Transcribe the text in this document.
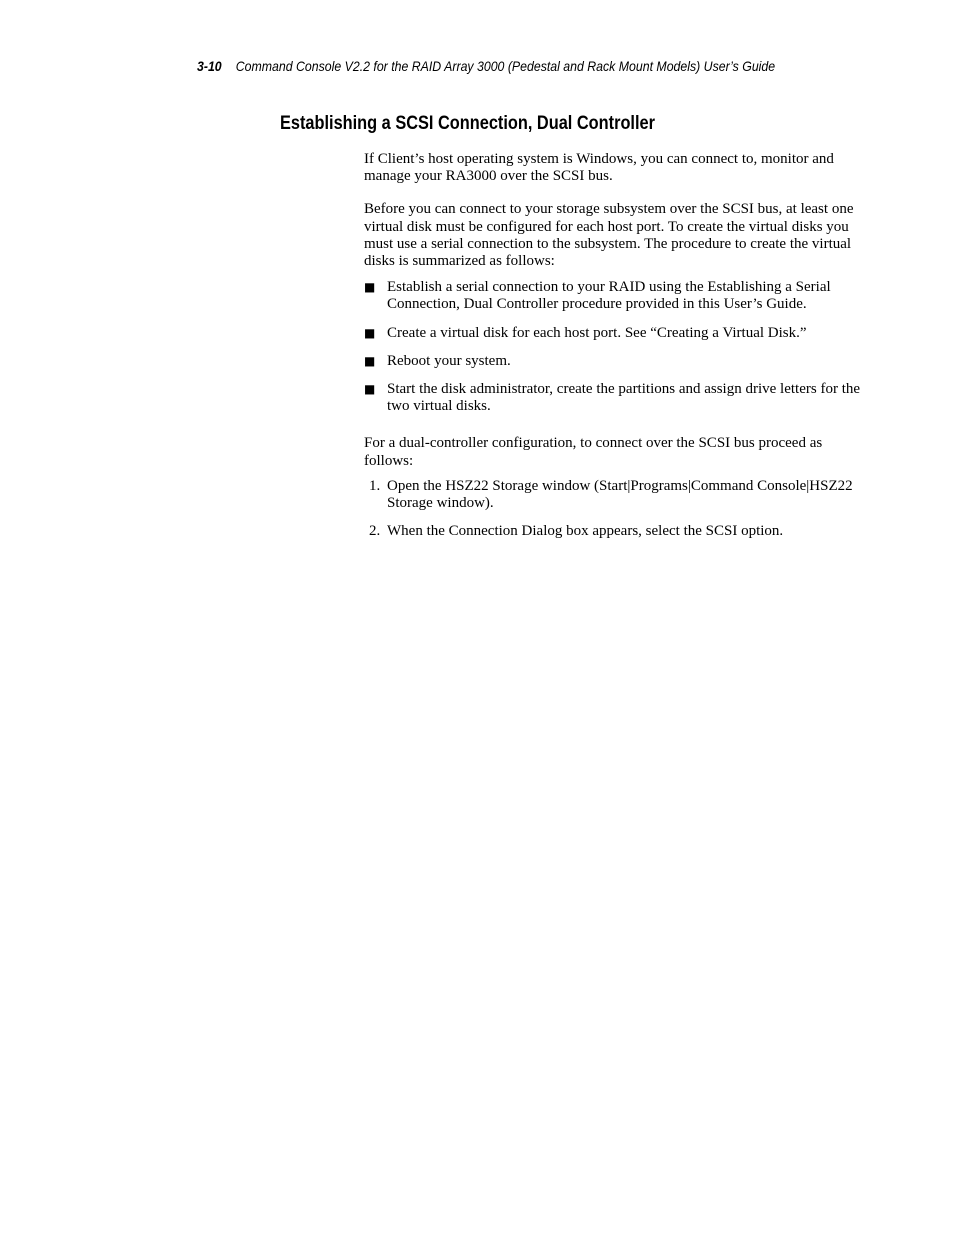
3-10 Command Console V2.2 for the RAID Array 3000 (Pedestal and Rack Mount Models) User’s Guide
Establishing a SCSI Connection, Dual Controller

If Client’s host operating system is Windows, you can connect to, monitor and manage your RA3000 over the SCSI bus.

Before you can connect to your storage subsystem over the SCSI bus, at least one virtual disk must be configured for each host port. To create the virtual disks you must use a serial connection to the subsystem. The procedure to create the virtual disks is summarized as follows:

■ Establish a serial connection to your RAID using the Establishing a Serial Connection, Dual Controller procedure provided in this User’s Guide.
■ Create a virtual disk for each host port. See “Creating a Virtual Disk.”
■ Reboot your system.
■ Start the disk administrator, create the partitions and assign drive letters for the two virtual disks.

For a dual-controller configuration, to connect over the SCSI bus proceed as follows:

1. Open the HSZ22 Storage window (Start|Programs|Command Console|HSZ22 Storage window).
2. When the Connection Dialog box appears, select the SCSI option.
